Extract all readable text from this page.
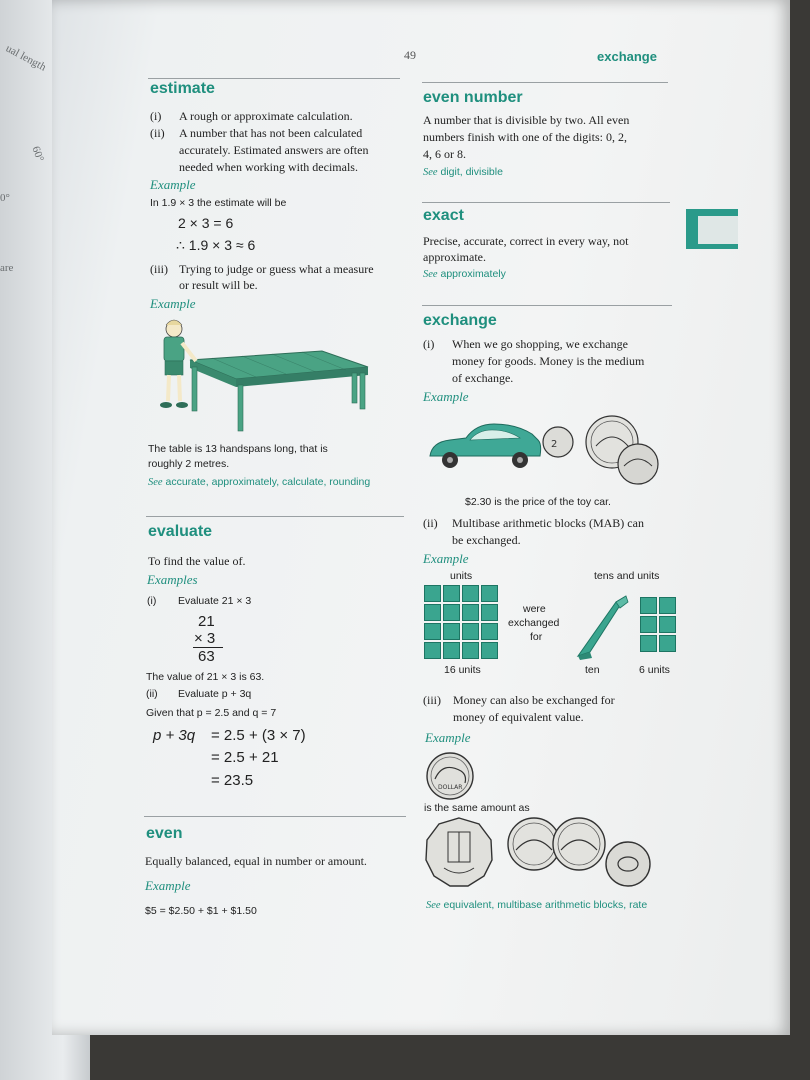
ual length
60°
0°
are
49	exchange
estimate
(i) A rough or approximate calculation.
(ii) A number that has not been calculated
accurately. Estimated answers are often
needed when working with decimals.
Example
In 1.9 × 3 the estimate will be
2 × 3 = 6
∴ 1.9 × 3 ≈ 6
(iii) Trying to judge or guess what a measure
or result will be.
Example
The table is 13 handspans long, that is
roughly 2 metres.
See accurate, approximately, calculate, rounding
evaluate
To find the value of.
Examples
(i) Evaluate 21 × 3
21
× 3
63
The value of 21 × 3 is 63.
(ii) Evaluate p + 3q
Given that p = 2.5 and q = 7
p + 3q = 2.5 + (3 × 7)
= 2.5 + 21
= 23.5
even
Equally balanced, equal in number or amount.
Example
$5 = $2.50 + $1 + $1.50
even number
A number that is divisible by two. All even
numbers finish with one of the digits: 0, 2,
4, 6 or 8.
See digit, divisible
exact
Precise, accurate, correct in every way, not
approximate.
See approximately
exchange
(i) When we go shopping, we exchange
money for goods. Money is the medium
of exchange.
Example
2
$2.30 is the price of the toy car.
(ii) Multibase arithmetic blocks (MAB) can
be exchanged.
Example
units	tens and units
were
exchanged
for
16 units	ten	6 units
(iii) Money can also be exchanged for
money of equivalent value.
Example
DOLLAR
is the same amount as
See equivalent, multibase arithmetic blocks, rate
